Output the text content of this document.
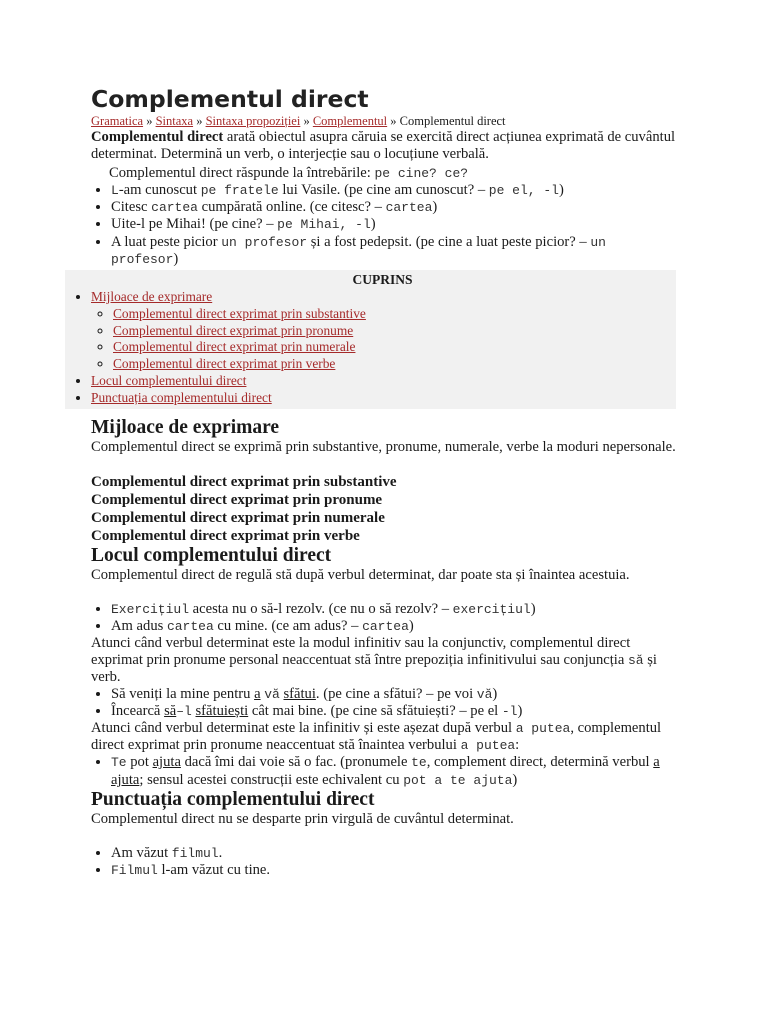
Complementul direct
Gramatica » Sintaxa » Sintaxa propoziției » Complementul » Complementul direct

Complementul direct arată obiectul asupra căruia se exercită direct acțiunea exprimată de cuvântul determinat. Determină un verb, o interjecție sau o locuțiune verbală.

Complementul direct răspunde la întrebările: pe cine? ce?

• L-am cunoscut pe fratele lui Vasile. (pe cine am cunoscut? – pe el, -l)
• Citesc cartea cumpărată online. (ce citesc? – cartea)
• Uite-l pe Mihai! (pe cine? – pe Mihai, -l)
• A luat peste picior un profesor și a fost pedepsit. (pe cine a luat peste picior? – un profesor)
CUPRINS
• Mijloace de exprimare
◦ Complementul direct exprimat prin substantive
◦ Complementul direct exprimat prin pronume
◦ Complementul direct exprimat prin numerale
◦ Complementul direct exprimat prin verbe
• Locul complementului direct
• Punctuația complementului direct
Mijloace de exprimare

Complementul direct se exprimă prin substantive, pronume, numerale, verbe la moduri nepersonale.

Complementul direct exprimat prin substantive
Complementul direct exprimat prin pronume
Complementul direct exprimat prin numerale
Complementul direct exprimat prin verbe
Locul complementului direct

Complementul direct de regulă stă după verbul determinat, dar poate sta și înaintea acestuia.

• Exercițiul acesta nu o să-l rezolv. (ce nu o să rezolv? – exercițiul)
• Am adus cartea cu mine. (ce am adus? – cartea)

Atunci când verbul determinat este la modul infinitiv sau la conjunctiv, complementul direct exprimat prin pronume personal neaccentuat stă între prepoziția infinitivului sau conjuncția să și verb.

• Să veniți la mine pentru a vă sfătui. (pe cine a sfătui? – pe voi vă)
• Încearcă să–l sfătuiești cât mai bine. (pe cine să sfătuiești? – pe el -l)

Atunci când verbul determinat este la infinitiv și este așezat după verbul a putea, complementul direct exprimat prin pronume neaccentuat stă înaintea verbului a putea:

• Te pot ajuta dacă îmi dai voie să o fac. (pronumele te, complement direct, determină verbul a ajuta; sensul acestei construcții este echivalent cu pot a te ajuta)
Punctuația complementului direct

Complementul direct nu se desparte prin virgulă de cuvântul determinat.

• Am văzut filmul.
• Filmul l-am văzut cu tine.
